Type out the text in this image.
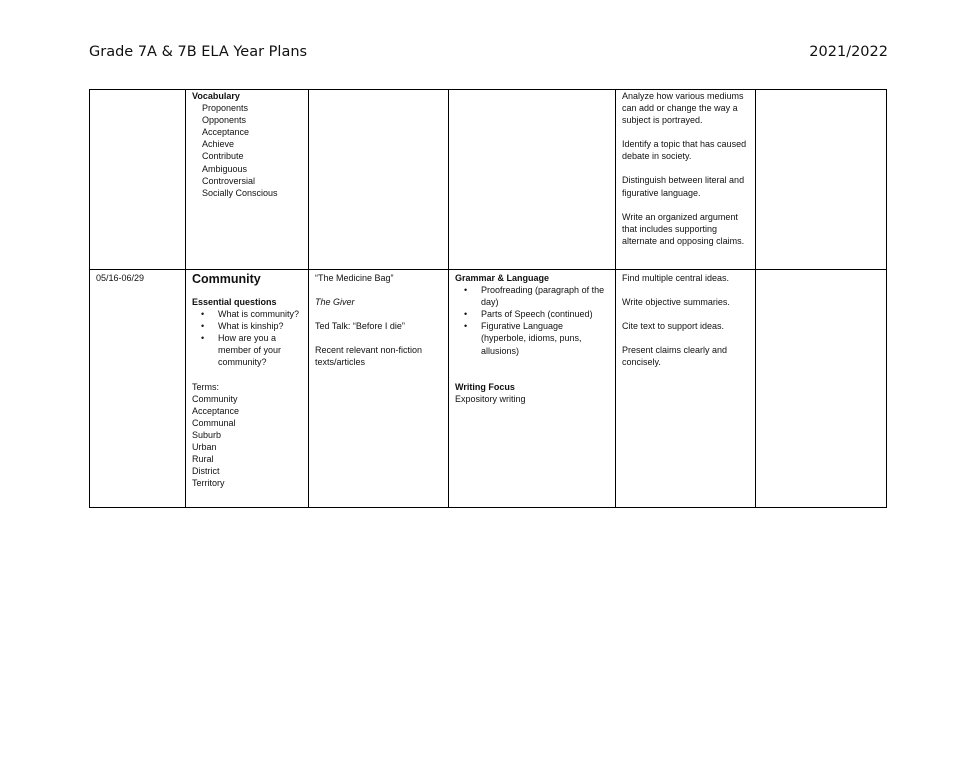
Grade 7A & 7B ELA Year Plans	2021/2022

Vocabulary

Proponents

Opponents

Acceptance

Achieve

Contribute

Ambiguous

Controversial

Socially Conscious

Analyze how various mediums can add or change the way a subject is portrayed.

Identify a topic that has caused debate in society.

Distinguish between literal and figurative language.

Write an organized argument that includes supporting alternate and opposing claims.

05/16-06/29	Community

Essential questions

• What is community?
• What is kinship?
• How are you a member of your community?

Terms:

Community

Acceptance

Communal

Suburb

Urban

Rural

District

Territory

“The Medicine Bag”

The Giver

Ted Talk: “Before I die”

Recent relevant non-fiction texts/articles

Grammar & Language

• Proofreading (paragraph of the day)
• Parts of Speech (continued)
• Figurative Language (hyperbole, idioms, puns, allusions)

Writing Focus

Expository writing

Find multiple central ideas.

Write objective summaries.

Cite text to support ideas.

Present claims clearly and concisely.
